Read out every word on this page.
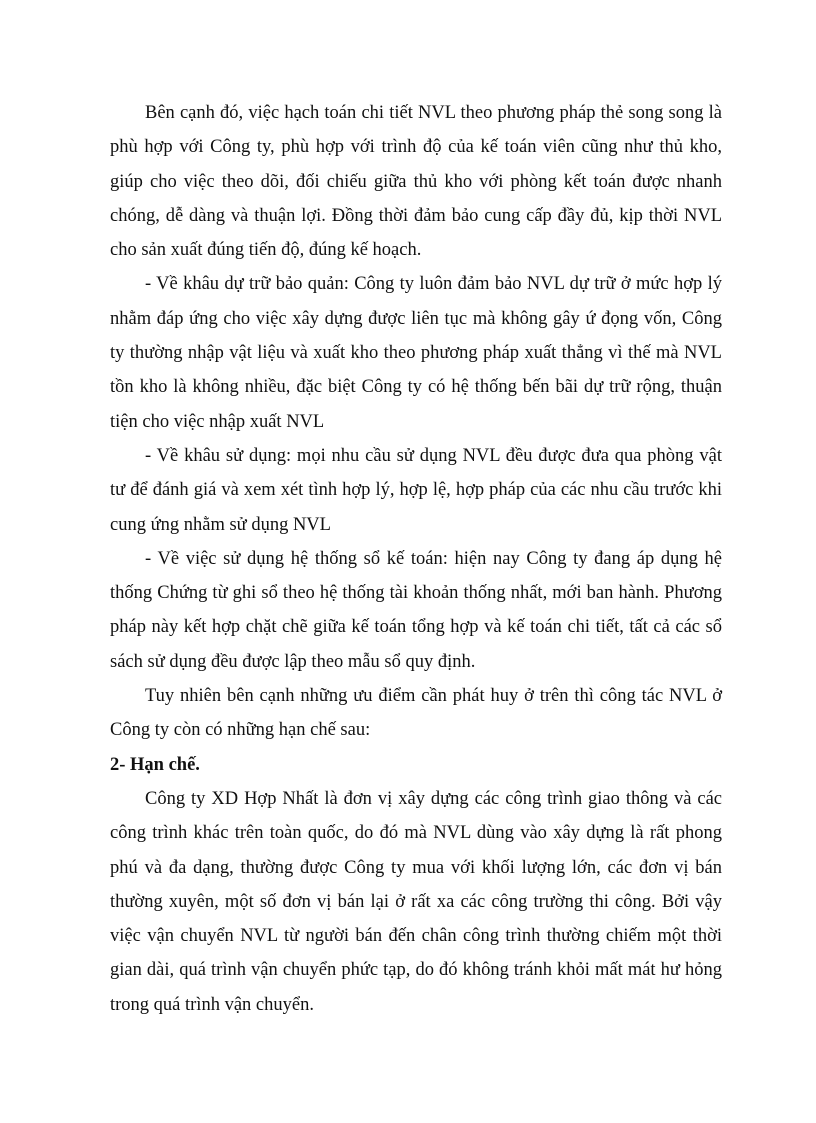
Bên cạnh đó, việc hạch toán chi tiết NVL theo phương pháp thẻ song song là phù hợp với Công ty, phù hợp với trình độ của kế toán viên cũng như thủ kho, giúp cho việc theo dõi, đối chiếu giữa thủ kho với phòng kết toán được nhanh chóng, dễ dàng và thuận lợi. Đồng thời đảm bảo cung cấp đầy đủ, kịp thời NVL cho sản xuất đúng tiến độ, đúng kế hoạch.

- Về khâu dự trữ bảo quản: Công ty luôn đảm bảo NVL dự trữ ở mức hợp lý nhằm đáp ứng cho việc xây dựng được liên tục mà không gây ứ đọng vốn, Công ty thường nhập vật liệu và xuất kho theo phương pháp xuất thẳng vì thế mà NVL tồn kho là không nhiều, đặc biệt Công ty có hệ thống bến bãi dự trữ rộng, thuận tiện cho việc nhập xuất NVL

- Về khâu sử dụng: mọi nhu cầu sử dụng NVL đều được đưa qua phòng vật tư để đánh giá và xem xét tình hợp lý, hợp lệ, hợp pháp của các nhu cầu trước khi cung ứng nhằm sử dụng NVL

- Về việc sử dụng hệ thống sổ kế toán: hiện nay Công ty đang áp dụng hệ thống Chứng từ ghi sổ theo hệ thống tài khoản thống nhất, mới ban hành. Phương pháp này kết hợp chặt chẽ giữa kế toán tổng hợp và kế toán chi tiết, tất cả các sổ sách sử dụng đều được lập theo mẫu sổ quy định.

Tuy nhiên bên cạnh những ưu điểm cần phát huy ở trên thì công tác NVL ở Công ty còn có những hạn chế sau:

2- Hạn chế.

Công ty XD Hợp Nhất là đơn vị xây dựng các công trình giao thông và các công trình khác trên toàn quốc, do đó mà NVL dùng vào xây dựng là rất phong phú và đa dạng, thường được Công ty mua với khối lượng lớn, các đơn vị bán thường xuyên, một số đơn vị bán lại ở rất xa các công trường thi công. Bởi vậy việc vận chuyển NVL từ người bán đến chân công trình thường chiếm một thời gian dài, quá trình vận chuyển phức tạp, do đó không tránh khỏi mất mát hư hỏng trong quá trình vận chuyển.
